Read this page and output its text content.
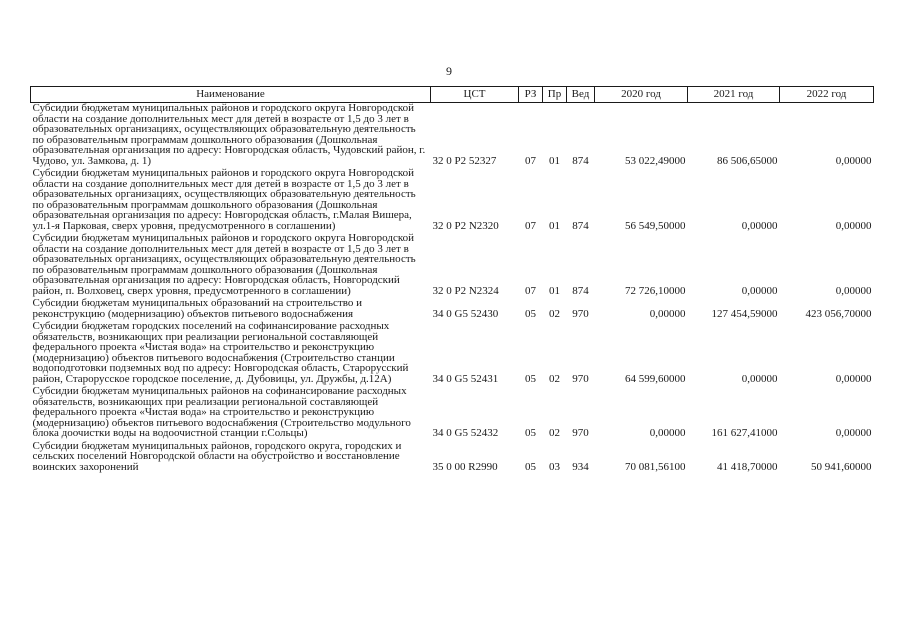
9
Наименование	ЦСТ	РЗ	Пр	Вед	2020 год	2021 год	2022 год
Субсидии бюджетам муниципальных районов и городского округа Новгородской области на создание дополнительных мест для детей в возрасте от 1,5 до 3 лет в образовательных организациях, осуществляющих образовательную деятельность по образовательным программам дошкольного образования (Дошкольная образовательная организация по адресу: Новгородская область, Чудовский район, г. Чудово, ул. Замкова, д. 1)	32 0 P2 52327	07	01	874	53 022,49000	86 506,65000	0,00000
Субсидии бюджетам муниципальных районов и городского округа Новгородской области на создание дополнительных мест для детей в возрасте от 1,5 до 3 лет в образовательных организациях, осуществляющих образовательную деятельность по образовательным программам дошкольного образования (Дошкольная образовательная организация по адресу: Новгородская область, г.Малая Вишера, ул.1-я Парковая, сверх уровня, предусмотренного в соглашении)	32 0 P2 N2320	07	01	874	56 549,50000	0,00000	0,00000
Субсидии бюджетам муниципальных районов и городского округа Новгородской области на создание дополнительных мест для детей в возрасте от 1,5 до 3 лет в образовательных организациях, осуществляющих образовательную деятельность по образовательным программам дошкольного образования (Дошкольная образовательная организация по адресу: Новгородская область, Новгородский район, п. Волховец, сверх уровня, предусмотренного в соглашении)	32 0 P2 N2324	07	01	874	72 726,10000	0,00000	0,00000
Субсидии бюджетам муниципальных образований на строительство и реконструкцию (модернизацию) объектов питьевого водоснабжения	34 0 G5 52430	05	02	970	0,00000	127 454,59000	423 056,70000
Субсидии бюджетам городских поселений на софинансирование расходных обязательств, возникающих при реализации региональной составляющей федерального проекта «Чистая вода» на строительство и реконструкцию (модернизацию) объектов питьевого водоснабжения (Строительство станции водоподготовки подземных вод по адресу: Новгородская область, Старорусский район, Старорусское городское поселение, д. Дубовицы, ул. Дружбы, д.12А)	34 0 G5 52431	05	02	970	64 599,60000	0,00000	0,00000
Субсидии бюджетам муниципальных районов на софинансирование расходных обязательств, возникающих при реализации региональной составляющей федерального проекта «Чистая вода» на строительство и реконструкцию (модернизацию) объектов питьевого водоснабжения (Строительство модульного блока доочистки воды на водоочистной станции г.Сольцы)	34 0 G5 52432	05	02	970	0,00000	161 627,41000	0,00000
Субсидии бюджетам муниципальных районов, городского округа, городских и сельских поселений Новгородской области на обустройство и восстановление воинских захоронений	35 0 00 R2990	05	03	934	70 081,56100	41 418,70000	50 941,60000
